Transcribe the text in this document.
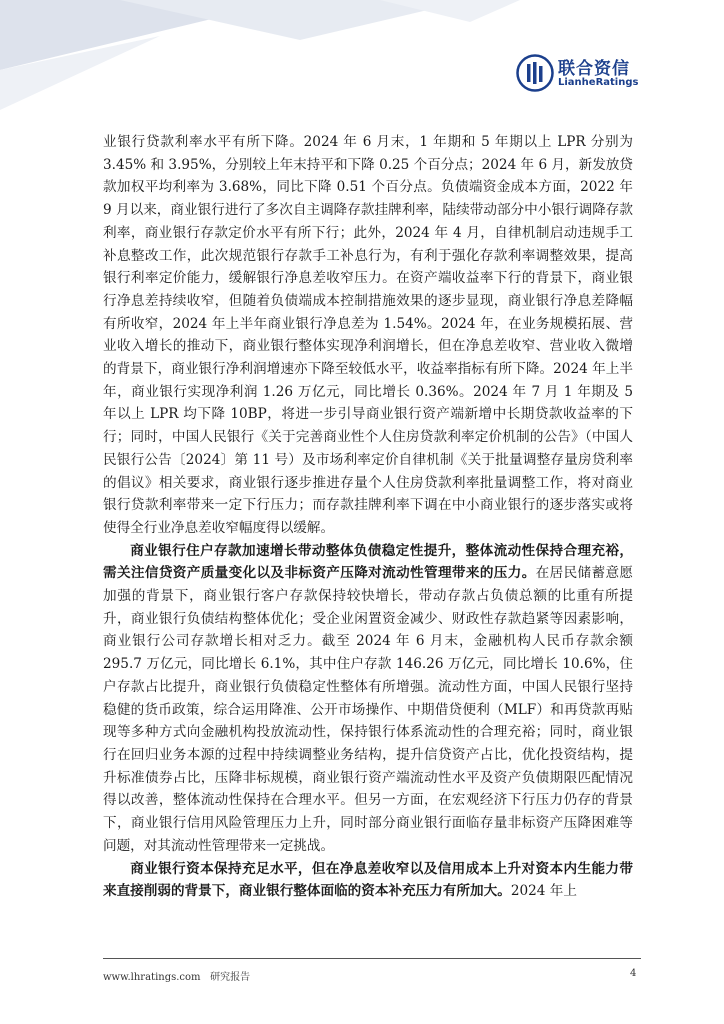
联合资信
LianheRatings

业银行贷款利率水平有所下降。2024 年 6 月末，1 年期和 5 年期以上 LPR 分别为 3.45% 和 3.95%，分别较上年末持平和下降 0.25 个百分点；2024 年 6 月，新发放贷款加权平均利率为 3.68%，同比下降 0.51 个百分点。负债端资金成本方面，2022 年 9 月以来，商业银行进行了多次自主调降存款挂牌利率，陆续带动部分中小银行调降存款利率，商业银行存款定价水平有所下行；此外，2024 年 4 月，自律机制启动违规手工补息整改工作，此次规范银行存款手工补息行为，有利于强化存款利率调整效果，提高银行利率定价能力，缓解银行净息差收窄压力。在资产端收益率下行的背景下，商业银行净息差持续收窄，但随着负债端成本控制措施效果的逐步显现，商业银行净息差降幅有所收窄，2024 年上半年商业银行净息差为 1.54%。2024 年，在业务规模拓展、营业收入增长的推动下，商业银行整体实现净利润增长，但在净息差收窄、营业收入微增的背景下，商业银行净利润增速亦下降至较低水平，收益率指标有所下降。2024 年上半年，商业银行实现净利润 1.26 万亿元，同比增长 0.36%。2024 年 7 月 1 年期及 5 年以上 LPR 均下降 10BP，将进一步引导商业银行资产端新增中长期贷款收益率的下行；同时，中国人民银行《关于完善商业性个人住房贷款利率定价机制的公告》（中国人民银行公告〔2024〕第 11 号）及市场利率定价自律机制《关于批量调整存量房贷利率的倡议》相关要求，商业银行逐步推进存量个人住房贷款利率批量调整工作，将对商业银行贷款利率带来一定下行压力；而存款挂牌利率下调在中小商业银行的逐步落实或将使得全行业净息差收窄幅度得以缓解。

商业银行住户存款加速增长带动整体负债稳定性提升，整体流动性保持合理充裕，需关注信贷资产质量变化以及非标资产压降对流动性管理带来的压力。在居民储蓄意愿加强的背景下，商业银行客户存款保持较快增长，带动存款占负债总额的比重有所提升，商业银行负债结构整体优化；受企业闲置资金减少、财政性存款趋紧等因素影响，商业银行公司存款增长相对乏力。截至 2024 年 6 月末，金融机构人民币存款余额 295.7 万亿元，同比增长 6.1%，其中住户存款 146.26 万亿元，同比增长 10.6%，住户存款占比提升，商业银行负债稳定性整体有所增强。流动性方面，中国人民银行坚持稳健的货币政策，综合运用降准、公开市场操作、中期借贷便利（MLF）和再贷款再贴现等多种方式向金融机构投放流动性，保持银行体系流动性的合理充裕；同时，商业银行在回归业务本源的过程中持续调整业务结构，提升信贷资产占比，优化投资结构，提升标准债券占比，压降非标规模，商业银行资产端流动性水平及资产负债期限匹配情况得以改善，整体流动性保持在合理水平。但另一方面，在宏观经济下行压力仍存的背景下，商业银行信用风险管理压力上升，同时部分商业银行面临存量非标资产压降困难等问题，对其流动性管理带来一定挑战。

商业银行资本保持充足水平，但在净息差收窄以及信用成本上升对资本内生能力带来直接削弱的背景下，商业银行整体面临的资本补充压力有所加大。2024 年上

www.lhratings.com 研究报告	4
